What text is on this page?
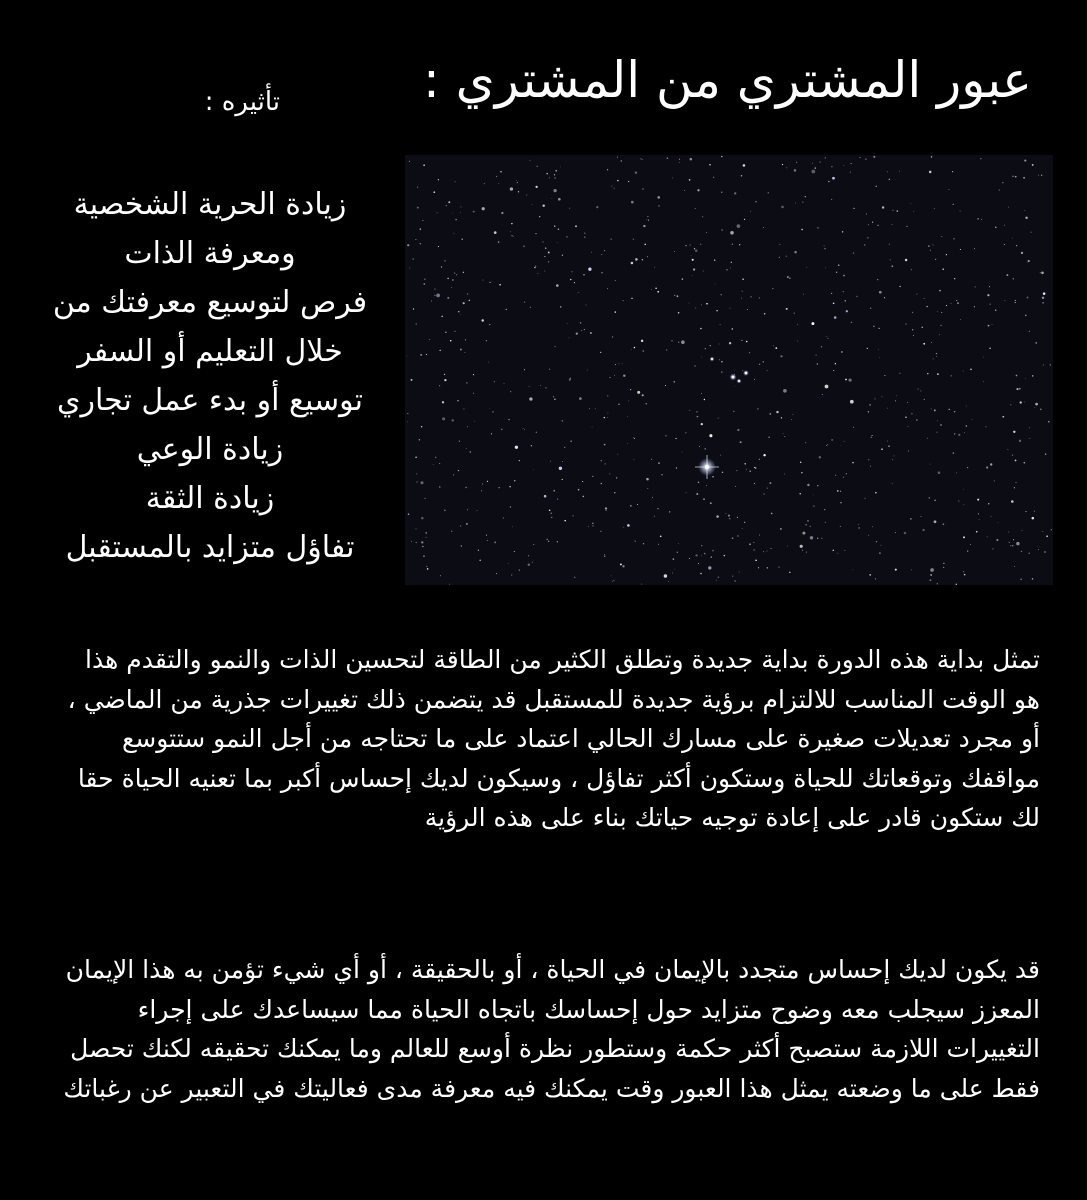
عبور المشتري من المشتري :
تأثيره :
زيادة الحرية الشخصية
ومعرفة الذات
فرص لتوسيع معرفتك من
خلال التعليم أو السفر
توسيع أو بدء عمل تجاري
زيادة الوعي
زيادة الثقة
تفاؤل متزايد بالمستقبل

تمثل بداية هذه الدورة بداية جديدة وتطلق الكثير من الطاقة لتحسين الذات والنمو والتقدم هذا هو الوقت المناسب للالتزام برؤية جديدة للمستقبل قد يتضمن ذلك تغييرات جذرية من الماضي ، أو مجرد تعديلات صغيرة على مسارك الحالي اعتماد على ما تحتاجه من أجل النمو ستتوسع مواقفك وتوقعاتك للحياة وستكون أكثر تفاؤل ، وسيكون لديك إحساس أكبر بما تعنيه الحياة حقا لك ستكون قادر على إعادة توجيه حياتك بناء على هذه الرؤية

قد يكون لديك إحساس متجدد بالإيمان في الحياة ، أو بالحقيقة ، أو أي شيء تؤمن به هذا الإيمان المعزز سيجلب معه وضوح متزايد حول إحساسك باتجاه الحياة مما سيساعدك على إجراء التغييرات اللازمة ستصبح أكثر حكمة وستطور نظرة أوسع للعالم وما يمكنك تحقيقه لكنك تحصل فقط على ما وضعته يمثل هذا العبور وقت يمكنك فيه معرفة مدى فعاليتك في التعبير عن رغباتك
